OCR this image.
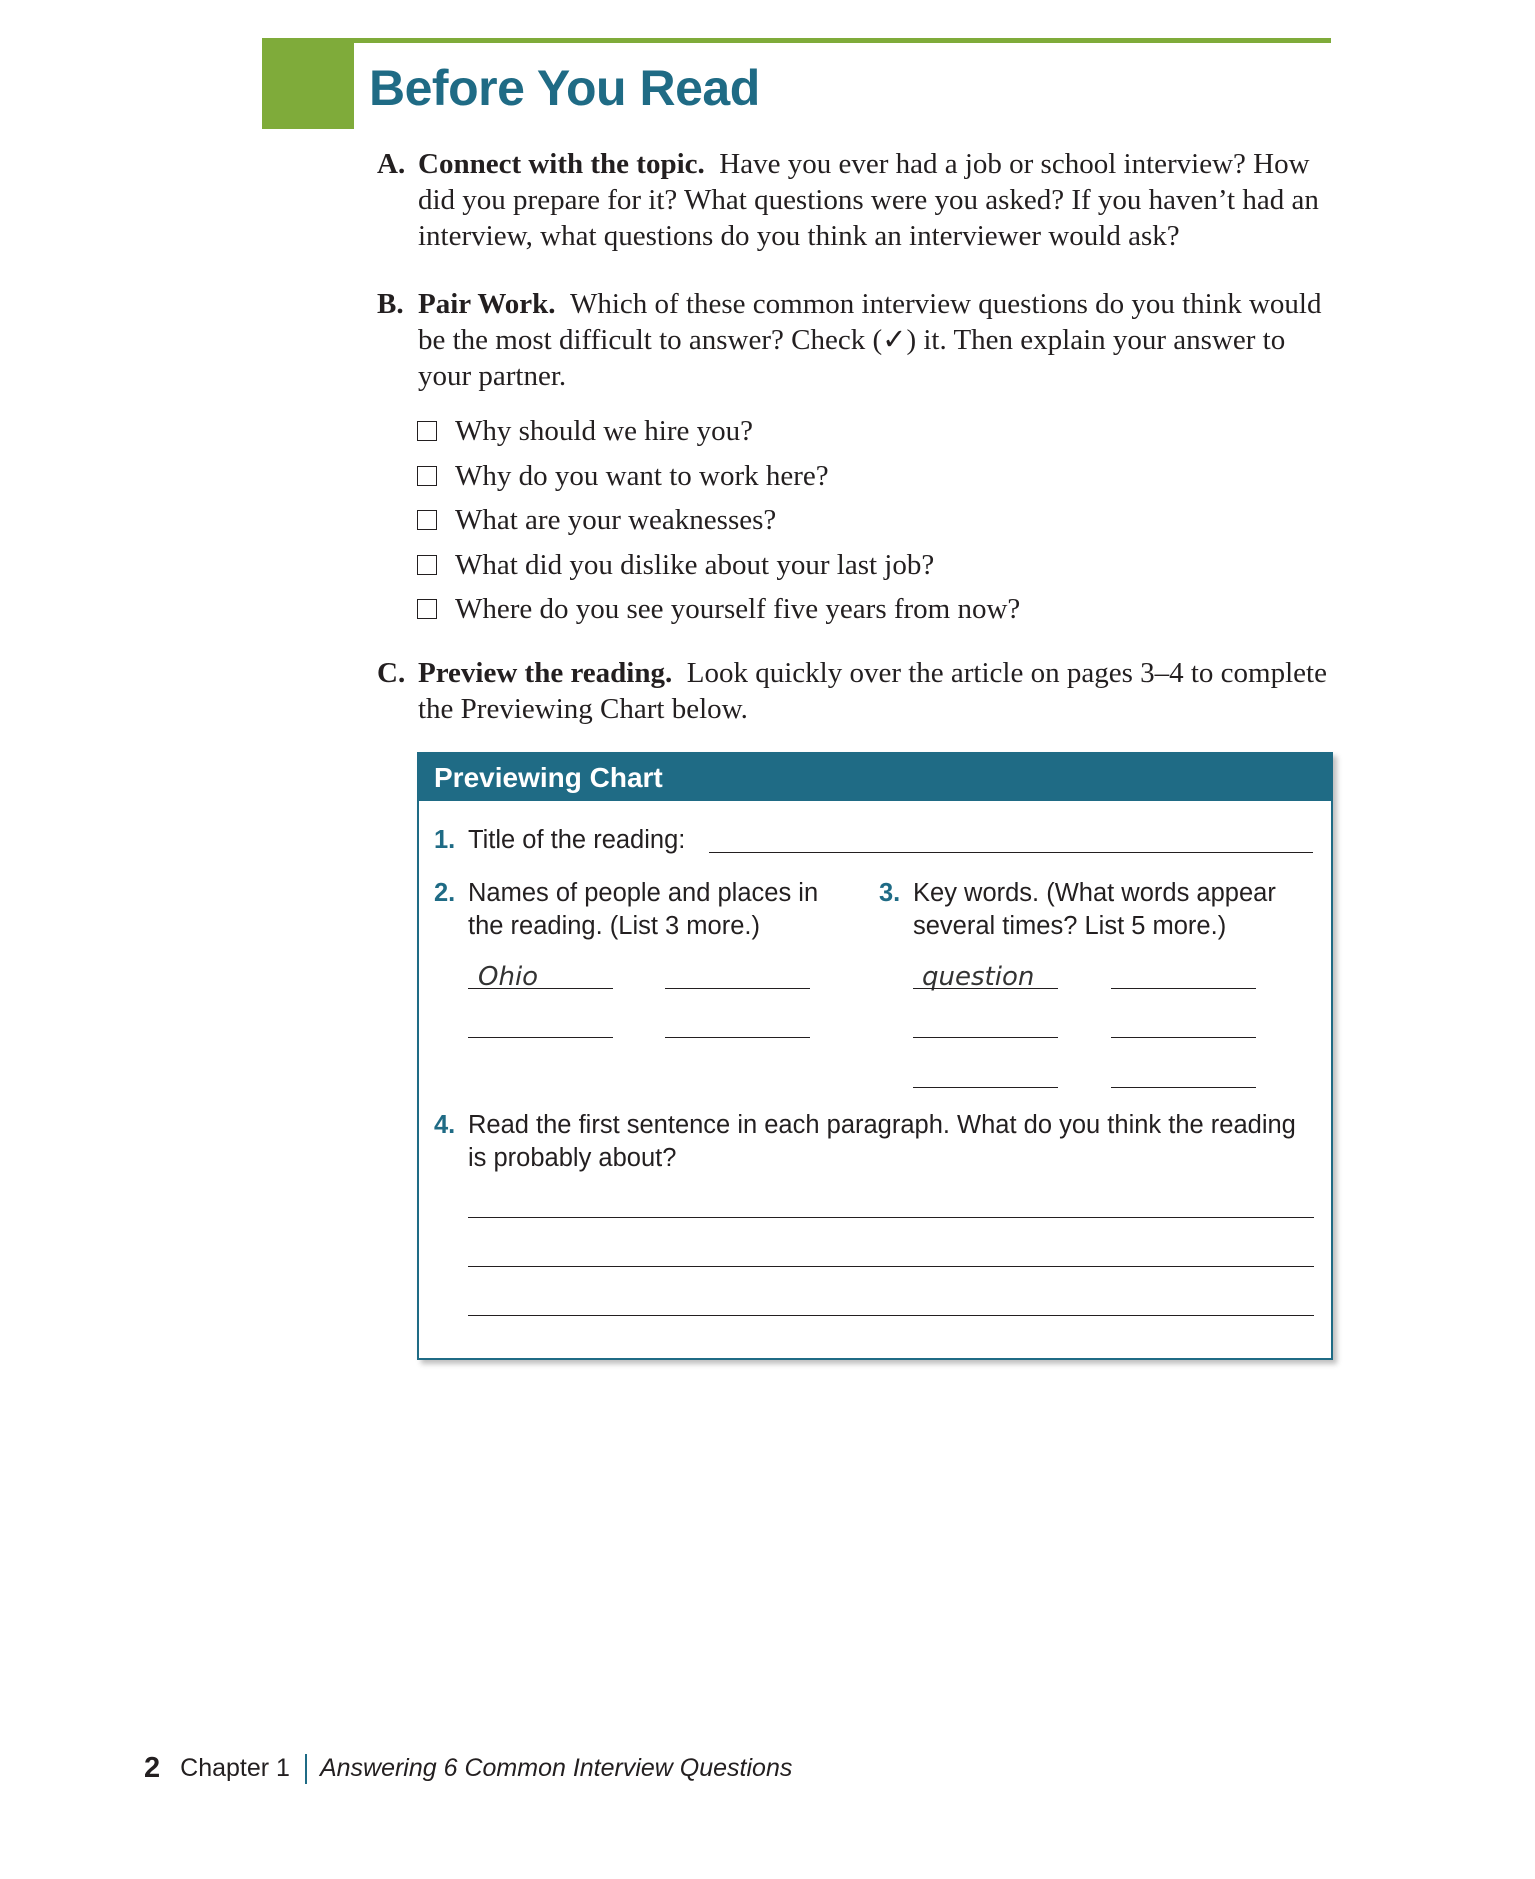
Before You Read
A. Connect with the topic. Have you ever had a job or school interview? How did you prepare for it? What questions were you asked? If you haven’t had an interview, what questions do you think an interviewer would ask?
B. Pair Work. Which of these common interview questions do you think would be the most difficult to answer? Check (✓) it. Then explain your answer to your partner.
Why should we hire you?
Why do you want to work here?
What are your weaknesses?
What did you dislike about your last job?
Where do you see yourself five years from now?
C. Preview the reading. Look quickly over the article on pages 3–4 to complete the Previewing Chart below.
Previewing Chart
1. Title of the reading:
2. Names of people and places in the reading. (List 3 more.)
Ohio
3. Key words. (What words appear several times? List 5 more.)
question
4. Read the first sentence in each paragraph. What do you think the reading is probably about?
2 Chapter 1 Answering 6 Common Interview Questions
